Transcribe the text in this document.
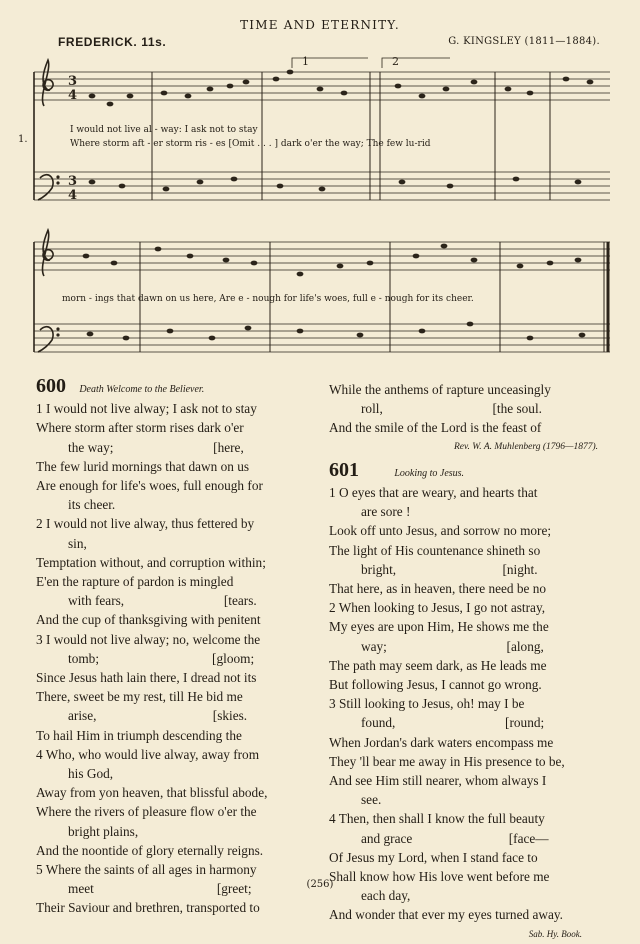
TIME AND ETERNITY.
FREDERICK. 11s.	G. KINGSLEY (1811—1884).
3
4
3
4
1	2
1.
I would not live al - way: I ask not to stay
Where storm aft - er storm ris - es [Omit . . . ] dark o'er the way; The few lu-rid
morn - ings that dawn on us here, Are e - nough for life's woes, full e - nough for its cheer.
600 Death Welcome to the Believer.
1 I would not live alway; I ask not to stay
Where storm after storm rises dark o'er
the way;                              [here,
The few lurid mornings that dawn on us
Are enough for life's woes, full enough for
its cheer.
2 I would not live alway, thus fettered by
sin,
Temptation without, and corruption within;
E'en the rapture of pardon is mingled
with fears,                              [tears.
And the cup of thanksgiving with penitent
3 I would not live alway; no, welcome the
tomb;                                  [gloom;
Since Jesus hath lain there, I dread not its
There, sweet be my rest, till He bid me
arise,                                   [skies.
To hail Him in triumph descending the
4 Who, who would live alway, away from
his God,
Away from yon heaven, that blissful abode,
Where the rivers of pleasure flow o'er the
bright plains,
And the noontide of glory eternally reigns.
5 Where the saints of all ages in harmony
meet                                     [greet;
Their Saviour and brethren, transported to
While the anthems of rapture unceasingly
roll,                                 [the soul.
And the smile of the Lord is the feast of
Rev. W. A. Muhlenberg (1796—1877).
601	Looking to Jesus.
1 O eyes that are weary, and hearts that
are sore !
Look off unto Jesus, and sorrow no more;
The light of His countenance shineth so
bright,                                [night.
That here, as in heaven, there need be no
2 When looking to Jesus, I go not astray,
My eyes are upon Him, He shows me the
way;                                    [along,
The path may seem dark, as He leads me
But following Jesus, I cannot go wrong.
3 Still looking to Jesus, oh! may I be
found,                                 [round;
When Jordan's dark waters encompass me
They 'll bear me away in His presence to be,
And see Him still nearer, whom always I
see.
4 Then, then shall I know the full beauty
and grace                             [face—
Of Jesus my Lord, when I stand face to
Shall know how His love went before me
each day,
And wonder that ever my eyes turned away.
Sab. Hy. Book.
(256)
